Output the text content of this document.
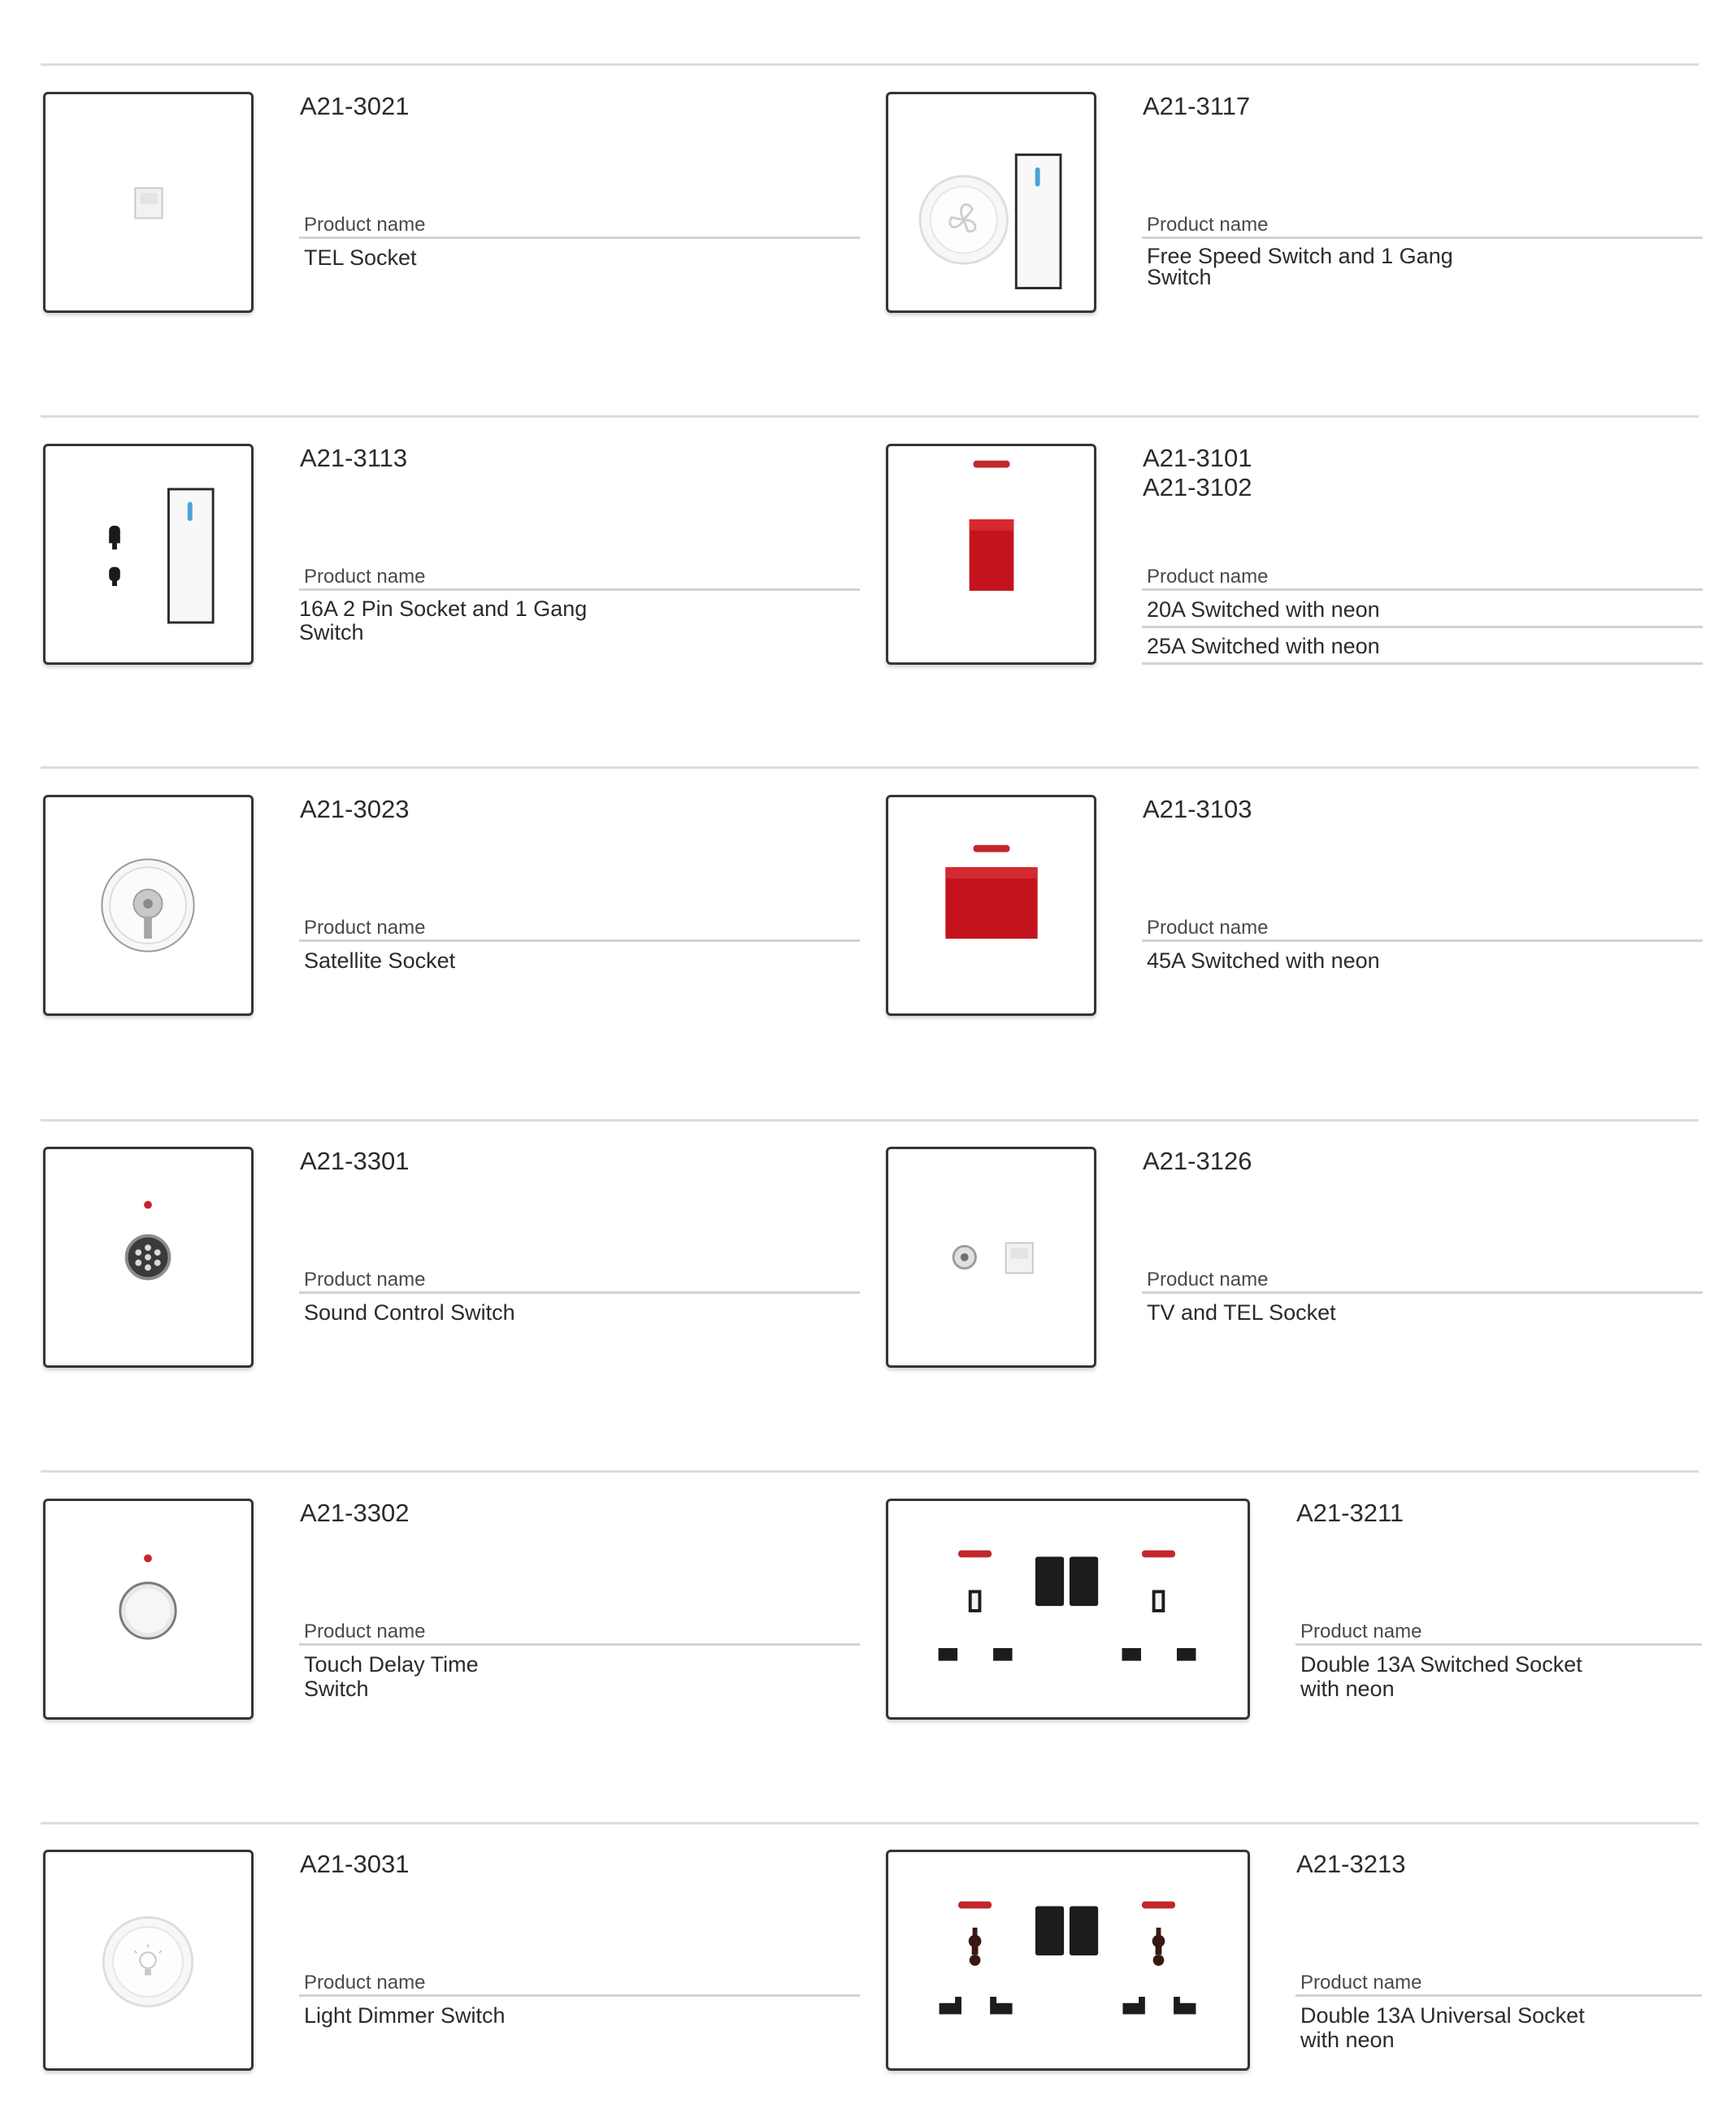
A21-3021
Product name
TEL Socket
A21-3117
Product name
Free Speed Switch and 1 Gang
Switch
A21-3113
Product name
16A 2 Pin Socket and 1 Gang
Switch
A21-3101
A21-3102
Product name
20A Switched with neon
25A Switched with neon
A21-3023
Product name
Satellite Socket
A21-3103
Product name
45A Switched with neon
A21-3301
Product name
Sound Control Switch
A21-3126
Product name
TV and TEL Socket
A21-3302
Product name
Touch Delay Time
Switch
A21-3211
Product name
Double 13A Switched Socket
with neon
A21-3031
Product name
Light Dimmer Switch
A21-3213
Product name
Double 13A Universal Socket
with neon
